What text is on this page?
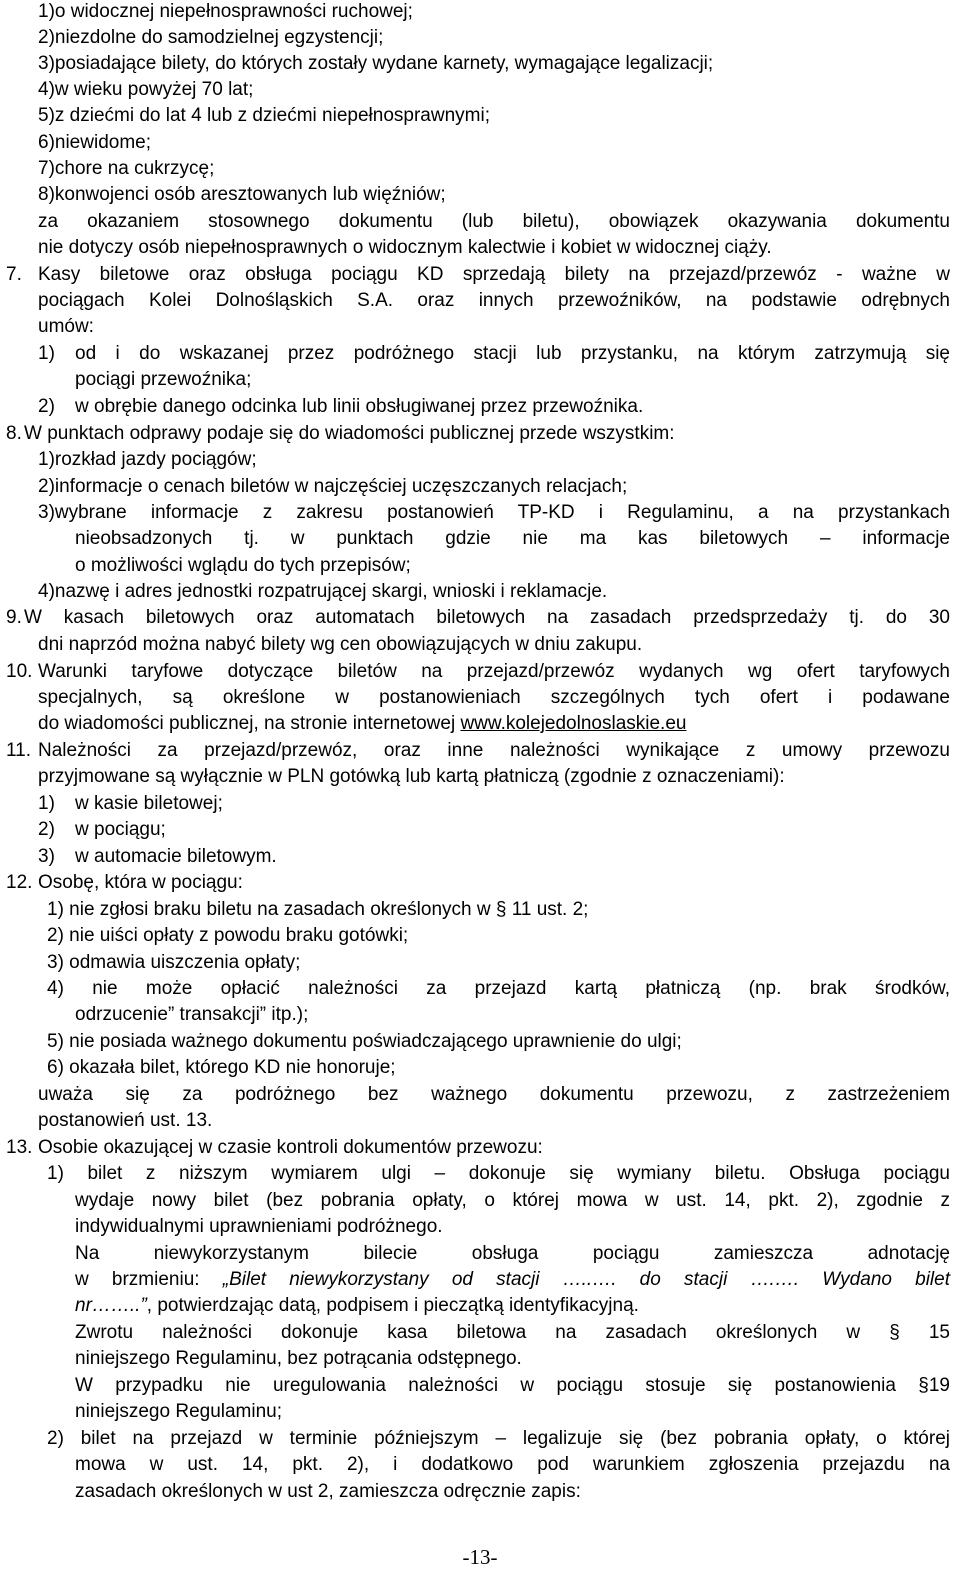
1)o widocznej niepełnosprawności ruchowej;
2)niezdolne do samodzielnej egzystencji;
3)posiadające bilety, do których zostały wydane karnety, wymagające legalizacji;
4)w wieku powyżej 70 lat;
5)z dziećmi do lat 4 lub z dziećmi niepełnosprawnymi;
6)niewidome;
7)chore na cukrzycę;
8)konwojenci osób aresztowanych lub więźniów;
za okazaniem stosownego dokumentu (lub biletu), obowiązek okazywania dokumentu
nie dotyczy osób niepełnosprawnych o widocznym kalectwie i kobiet w widocznej ciąży.
7. Kasy biletowe oraz obsługa pociągu KD sprzedają bilety na przejazd/przewóz - ważne w
pociągach Kolei Dolnośląskich S.A. oraz innych przewoźników, na podstawie odrębnych
umów:
1) od i do wskazanej przez podróżnego stacji lub przystanku, na którym zatrzymują się
pociągi przewoźnika;
2) w obrębie danego odcinka lub linii obsługiwanej przez przewoźnika.
8. W punktach odprawy podaje się do wiadomości publicznej przede wszystkim:
1)rozkład jazdy pociągów;
2)informacje o cenach biletów w najczęściej uczęszczanych relacjach;
3)wybrane informacje z zakresu postanowień TP-KD i Regulaminu, a na przystankach
nieobsadzonych tj. w punktach gdzie nie ma kas biletowych – informacje
o możliwości wglądu do tych przepisów;
4)nazwę i adres jednostki rozpatrującej skargi, wnioski i reklamacje.
9. W kasach biletowych oraz automatach biletowych na zasadach przedsprzedaży tj. do 30
dni naprzód można nabyć bilety wg cen obowiązujących w dniu zakupu.
10. Warunki taryfowe dotyczące biletów na przejazd/przewóz wydanych wg ofert taryfowych
specjalnych, są określone w postanowieniach szczególnych tych ofert i podawane
do wiadomości publicznej, na stronie internetowej www.kolejedolnoslaskie.eu
11. Należności za przejazd/przewóz, oraz inne należności wynikające z umowy przewozu
przyjmowane są wyłącznie w PLN gotówką lub kartą płatniczą (zgodnie z oznaczeniami):
1) w kasie biletowej;
2) w pociągu;
3) w automacie biletowym.
12. Osobę, która w pociągu:
1) nie zgłosi braku biletu na zasadach określonych w § 11 ust. 2;
2) nie uiści opłaty z powodu braku gotówki;
3) odmawia uiszczenia opłaty;
4) nie może opłacić należności za przejazd kartą płatniczą (np. brak środków,
odrzucenie” transakcji” itp.);
5) nie posiada ważnego dokumentu poświadczającego uprawnienie do ulgi;
6) okazała bilet, którego KD nie honoruje;
uważa się za podróżnego bez ważnego dokumentu przewozu, z zastrzeżeniem
postanowień ust. 13.
13. Osobie okazującej w czasie kontroli dokumentów przewozu:
1) bilet z niższym wymiarem ulgi – dokonuje się wymiany biletu. Obsługa pociągu
wydaje nowy bilet (bez pobrania opłaty, o której mowa w ust. 14, pkt. 2), zgodnie z
indywidualnymi uprawnieniami podróżnego.
Na niewykorzystanym bilecie obsługa pociągu zamieszcza adnotację
w brzmieniu: „Bilet niewykorzystany od stacji …..…. do stacji ….…. Wydano bilet
nr……..”, potwierdzając datą, podpisem i pieczątką identyfikacyjną.
Zwrotu należności dokonuje kasa biletowa na zasadach określonych w § 15
niniejszego Regulaminu, bez potrącania odstępnego.
W przypadku nie uregulowania należności w pociągu stosuje się postanowienia §19
niniejszego Regulaminu;
2) bilet na przejazd w terminie późniejszym – legalizuje się (bez pobrania opłaty, o której
mowa w ust. 14, pkt. 2), i dodatkowo pod warunkiem zgłoszenia przejazdu na
zasadach określonych w ust 2, zamieszcza odręcznie zapis:
-13-
